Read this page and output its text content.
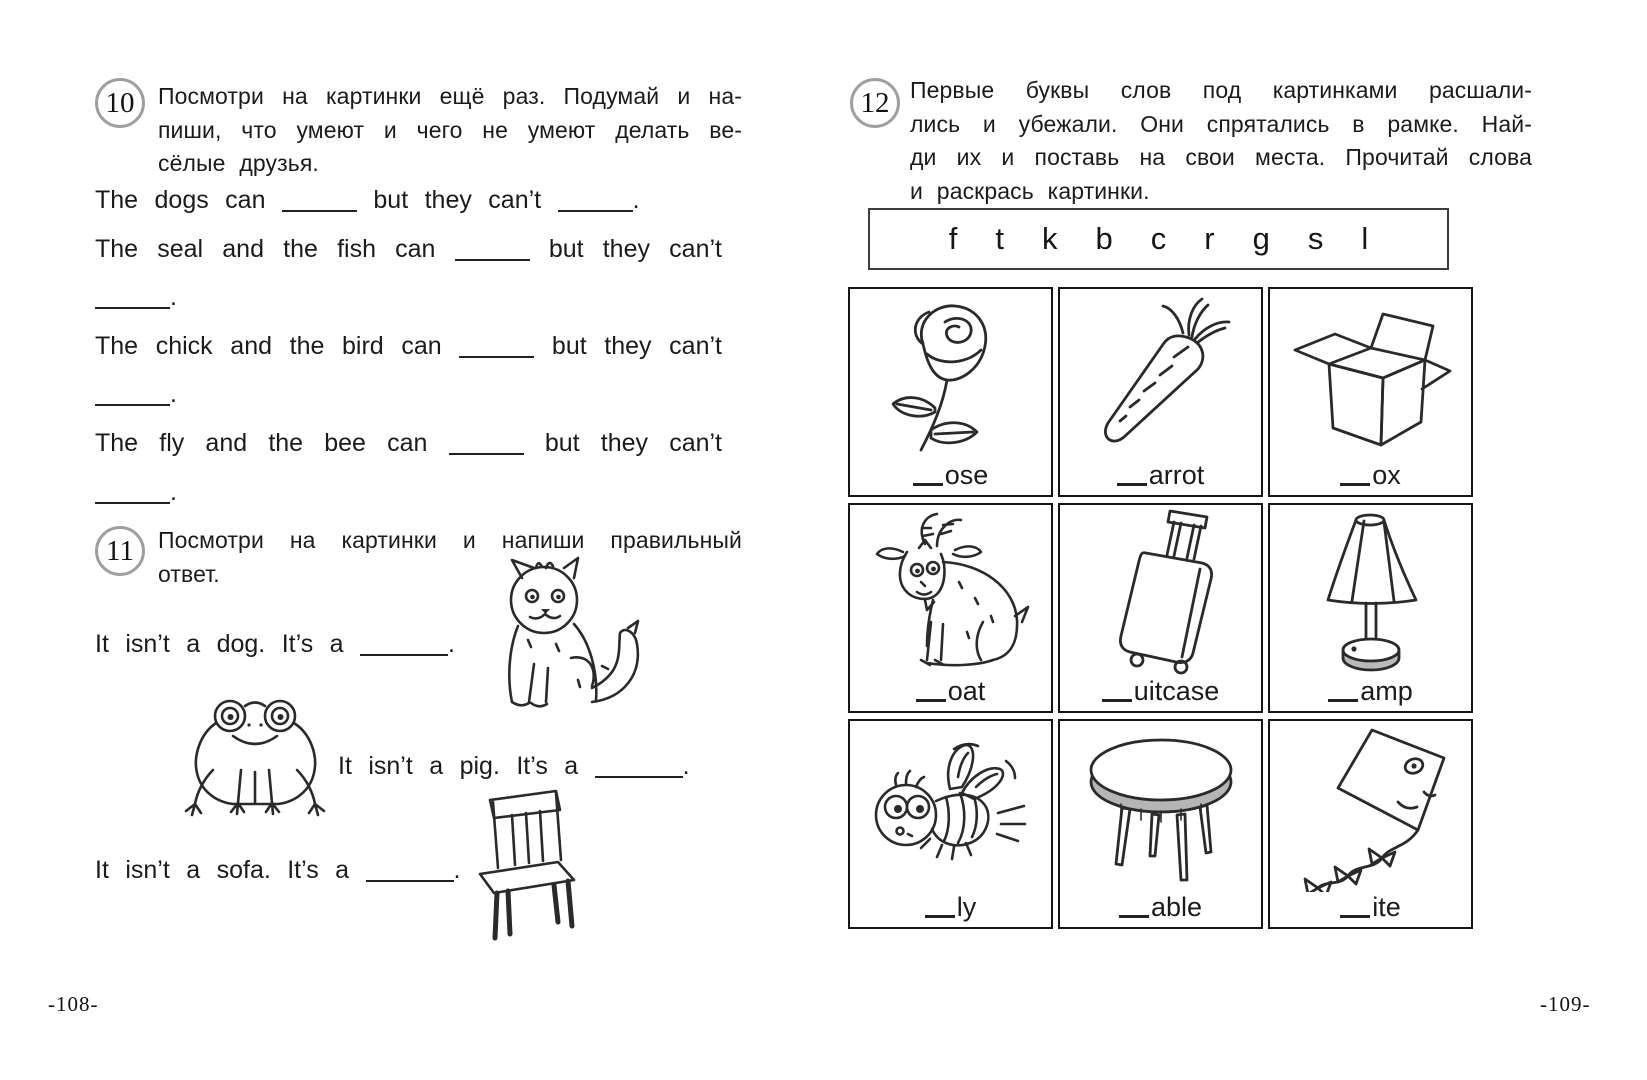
10	Посмотри на картинки ещё раз. Подумай и на-
пиши, что умеют и чего не умеют делать ве-
сёлые друзья.
The dogs can	but they can’t	.
The seal and the fish can	but they can’t
.
The chick and the bird can	but they can’t
.
The fly and the bee can	but they can’t
.
11	Посмотри на картинки и напиши правильный
ответ.
It isn’t a dog. It’s a	.
It isn’t a pig. It’s a	.
It isn’t a sofa. It’s a	.
-108-
12 Первые буквы слов под картинками расшали-
лись и убежали. Они спрятались в рамке. Най-
ди их и поставь на свои места. Прочитай слова
и раскрась картинки.
f t k b c r g s l
ose	arrot	ox
oat	uitcase	amp
ly	able	ite
-109-
